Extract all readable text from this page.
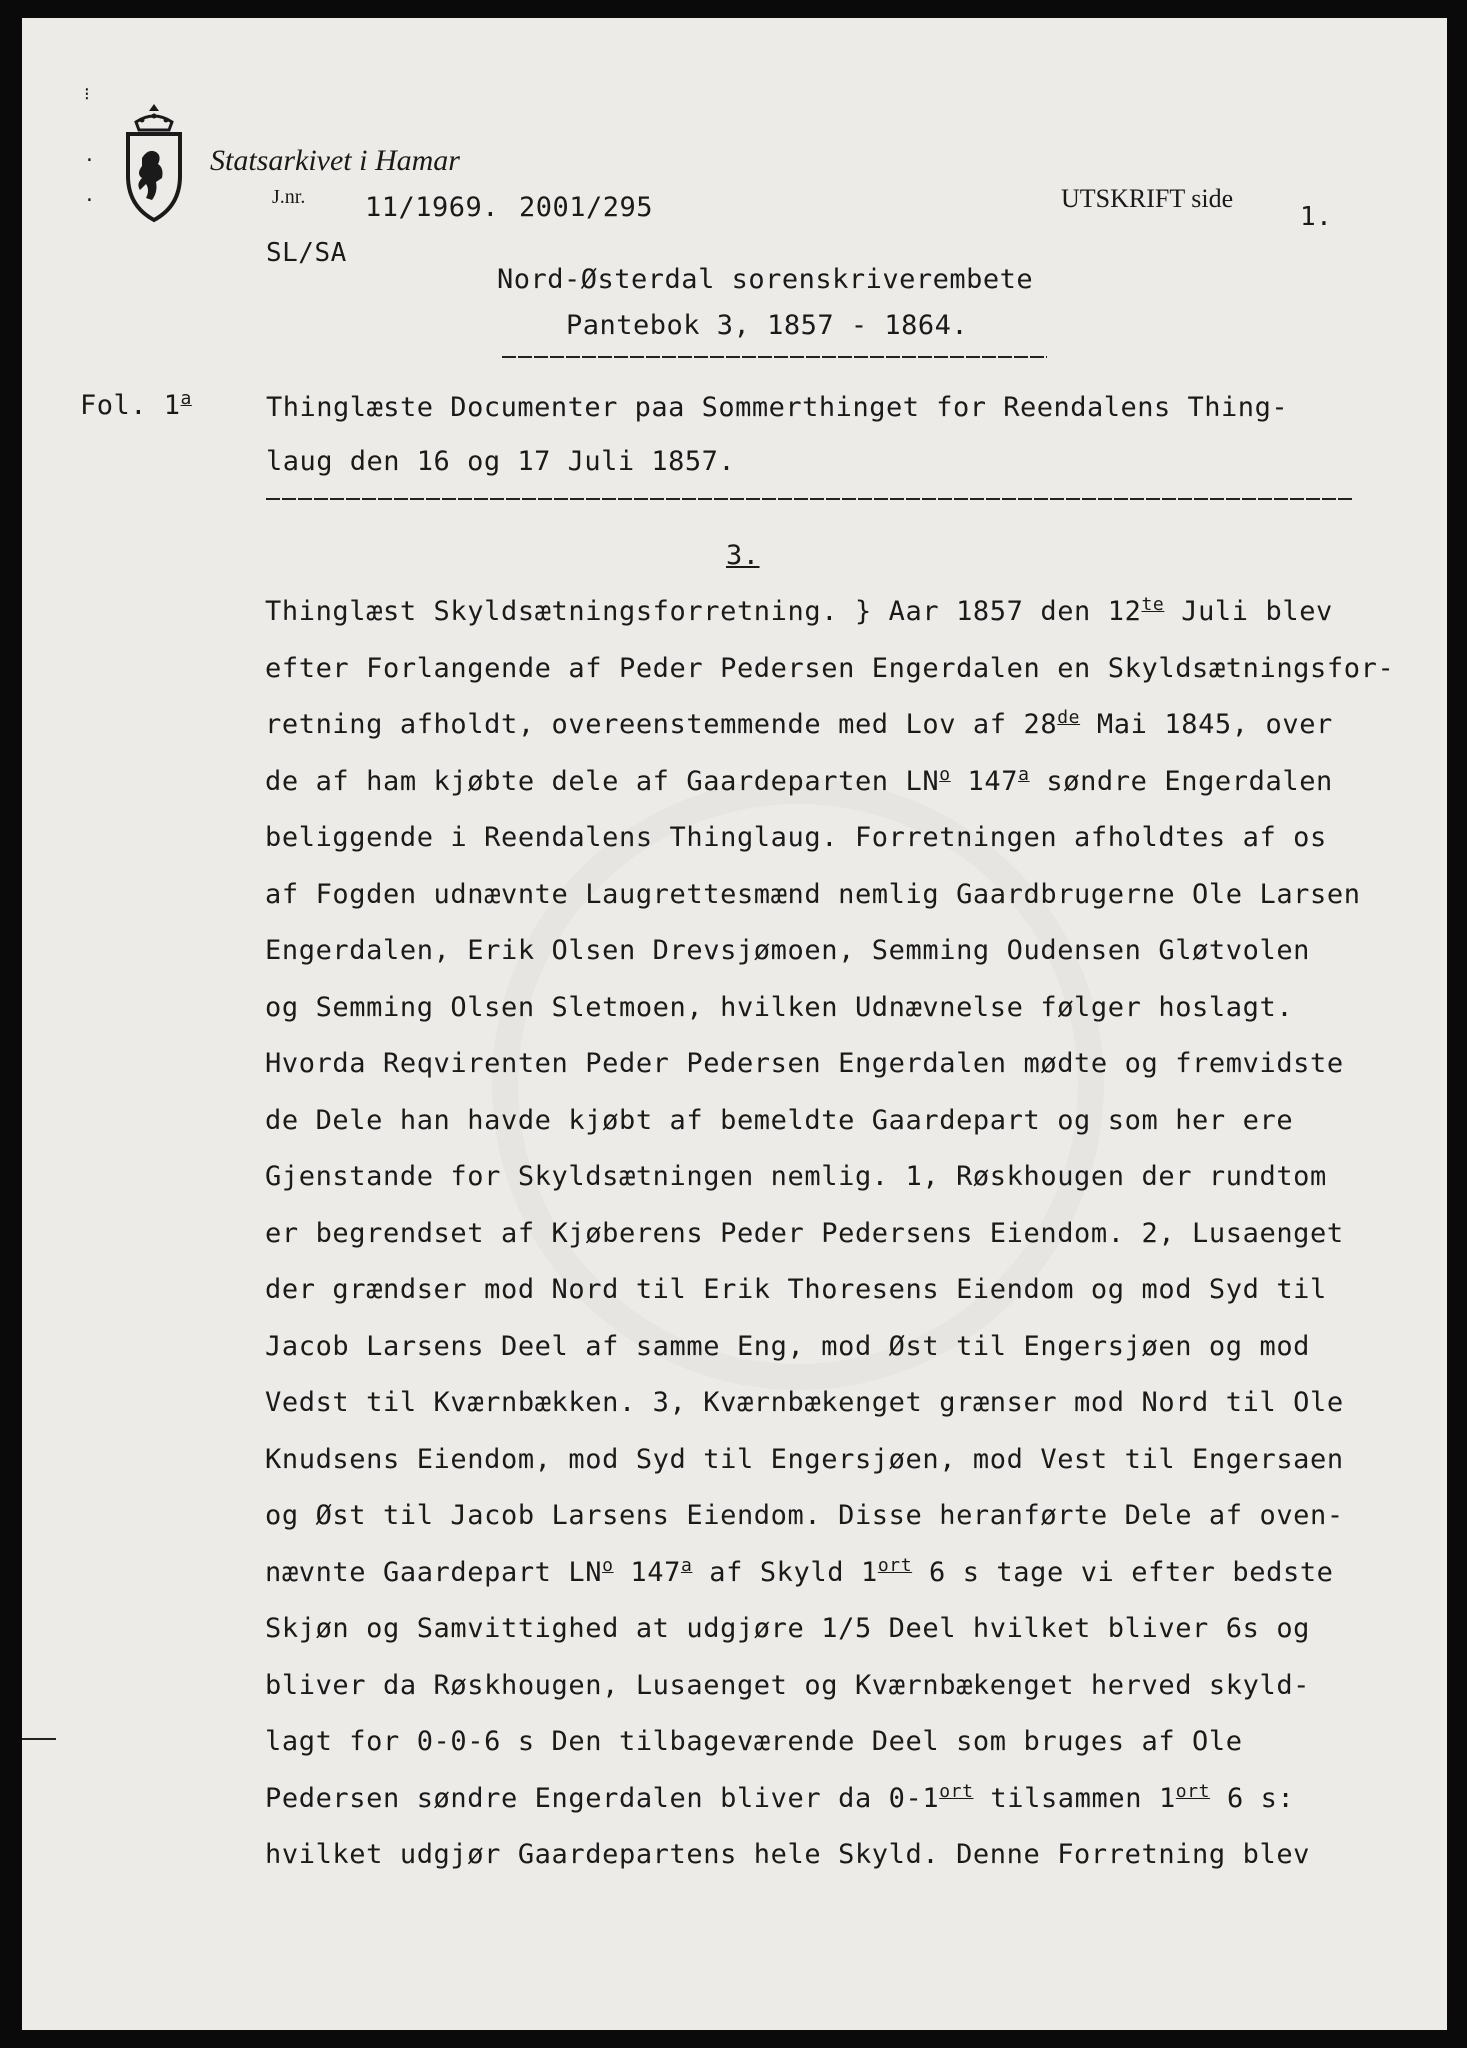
⁝
·
·
Statsarkivet i Hamar
J.nr. 11/1969. 2001/295	UTSKRIFT side
1.
SL/SA
Nord-Østerdal sorenskriverembete
Pantebok 3, 1857 - 1864.
Fol. 1$^a$	Thinglæste Documenter paa Sommerthinget for Reendalens Thing-
laug den 16 og 17 Juli 1857.
3.
Thinglæst Skyldsætningsforretning. } Aar 1857 den $12^{te}$ Juli blev
efter Forlangende af Peder Pedersen Engerdalen en Skyldsætningsfor-
retning afholdt, overeenstemmende med Lov af 28de Mai 1845, over
de af ham kjøbte dele af Gaardeparten $LN^o$ 147$^a$ søndre Engerdalen
beliggende i Reendalens Thinglaug. Forretningen afholdtes af os
af Fogden udnævnte Laugrettesmænd nemlig Gaardbrugerne Ole Larsen
Engerdalen, Erik Olsen Drevsjømoen, Semming Oudensen Gløtvolen
og Semming Olsen Sletmoen, hvilken Udnævnelse følger hoslagt.
Hvorda Reqvirenten Peder Pedersen Engerdalen mødte og fremvidste
de Dele han havde kjøbt af bemeldte Gaardepart og som her ere
Gjenstande for Skyldsætningen nemlig. 1, Røskhougen der rundtom
er begrendset af Kjøberens Peder Pedersens Eiendom. 2, Lusaenget
der grændser mod Nord til Erik Thoresens Eiendom og mod Syd til
Jacob Larsens Deel af samme Eng, mod Øst til Engersjøen og mod
Vedst til Kværnbækken. 3, Kværnbækenget grænser mod Nord til Ole
Knudsens Eiendom, mod Syd til Engersjøen, mod Vest til Engersaen
og Øst til Jacob Larsens Eiendom. Disse heranførte Dele af oven-
nævnte Gaardepart $LN^o$ 147$^a$ af Skyld $1^{ort}$ 6 s tage vi efter bedste
Skjøn og Samvittighed at udgjøre 1/5 Deel hvilket bliver 6s og
bliver da Røskhougen, Lusaenget og Kværnbækenget herved skyld-
lagt for 0-0-6 s Den tilbageværende Deel som bruges af Ole
Pedersen søndre Engerdalen bliver da $0-1^{ort}$ tilsammen $1^{ort}$ 6 s:
hvilket udgjør Gaardepartens hele Skyld. Denne Forretning blev
